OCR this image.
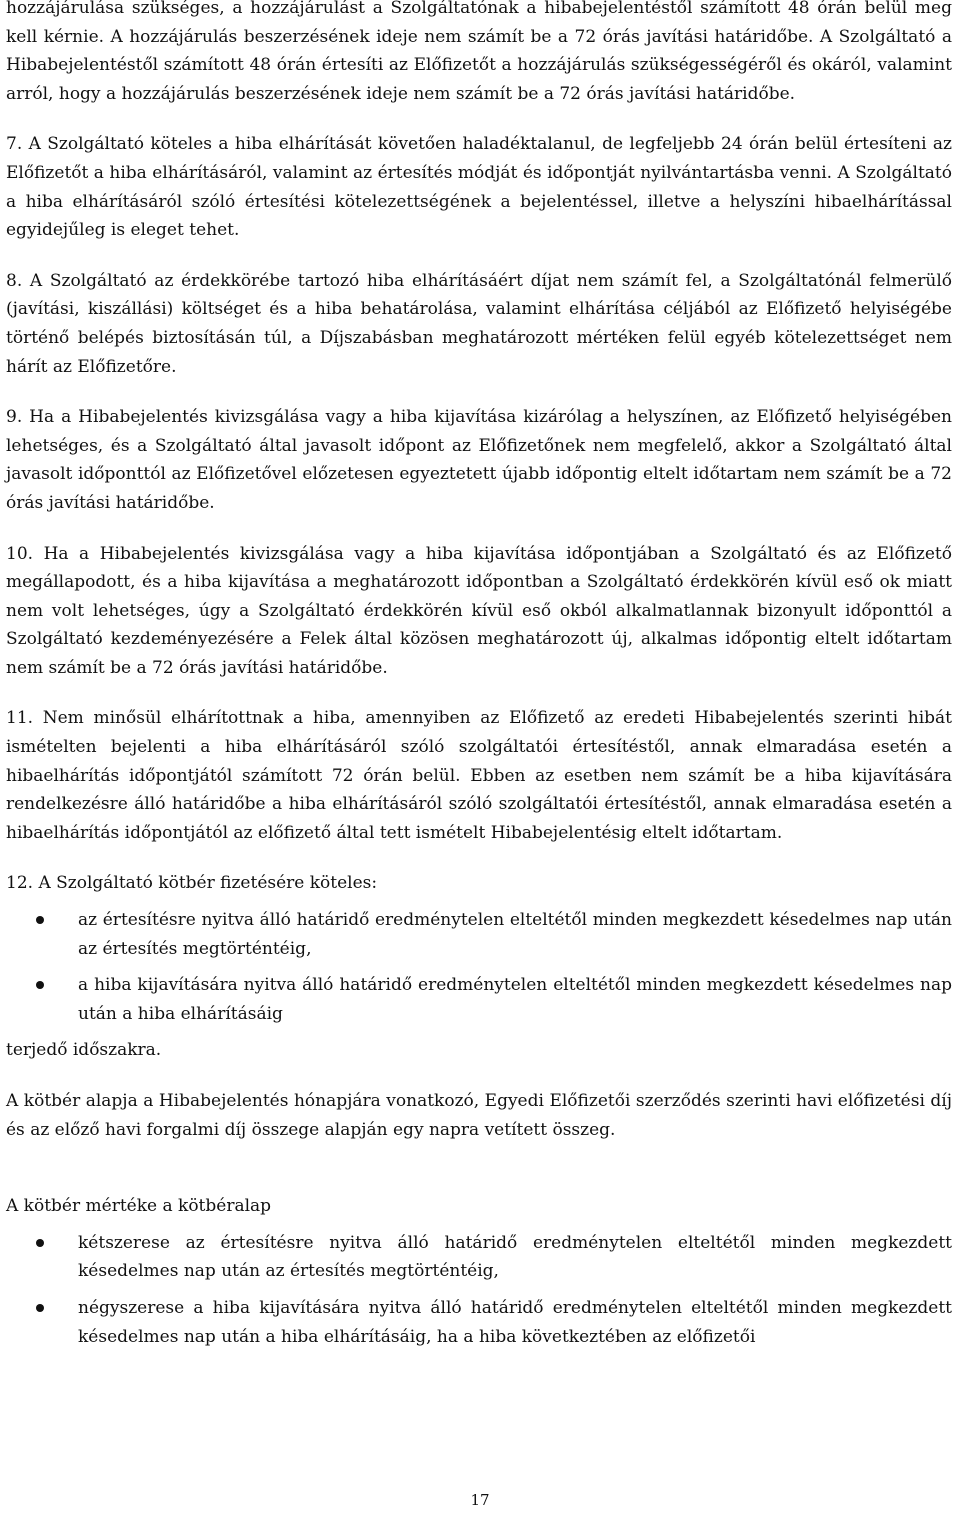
hozzájárulása szükséges, a hozzájárulást a Szolgáltatónak a hibabejelentéstől számított 48 órán belül meg kell kérnie. A hozzájárulás beszerzésének ideje nem számít be a 72 órás javítási határidőbe. A Szolgáltató a Hibabejelentéstől számított 48 órán értesíti az Előfizetőt a hozzájárulás szükségességéről és okáról, valamint arról, hogy a hozzájárulás beszerzésének ideje nem számít be a 72 órás javítási határidőbe.

7. A Szolgáltató köteles a hiba elhárítását követően haladéktalanul, de legfeljebb 24 órán belül értesíteni az Előfizetőt a hiba elhárításáról, valamint az értesítés módját és időpontját nyilvántartásba venni. A Szolgáltató a hiba elhárításáról szóló értesítési kötelezettségének a bejelentéssel, illetve a helyszíni hibaelhárítással egyidejűleg is eleget tehet.

8. A Szolgáltató az érdekkörébe tartozó hiba elhárításáért díjat nem számít fel, a Szolgáltatónál felmerülő (javítási, kiszállási) költséget és a hiba behatárolása, valamint elhárítása céljából az Előfizető helyiségébe történő belépés biztosításán túl, a Díjszabásban meghatározott mértéken felül egyéb kötelezettséget nem hárít az Előfizetőre.

9. Ha a Hibabejelentés kivizsgálása vagy a hiba kijavítása kizárólag a helyszínen, az Előfizető helyiségében lehetséges, és a Szolgáltató által javasolt időpont az Előfizetőnek nem megfelelő, akkor a Szolgáltató által javasolt időponttól az Előfizetővel előzetesen egyeztetett újabb időpontig eltelt időtartam nem számít be a 72 órás javítási határidőbe.

10. Ha a Hibabejelentés kivizsgálása vagy a hiba kijavítása időpontjában a Szolgáltató és az Előfizető megállapodott, és a hiba kijavítása a meghatározott időpontban a Szolgáltató érdekkörén kívül eső ok miatt nem volt lehetséges, úgy a Szolgáltató érdekkörén kívül eső okból alkalmatlannak bizonyult időponttól a Szolgáltató kezdeményezésére a Felek által közösen meghatározott új, alkalmas időpontig eltelt időtartam nem számít be a 72 órás javítási határidőbe.

11. Nem minősül elhárítottnak a hiba, amennyiben az Előfizető az eredeti Hibabejelentés szerinti hibát ismételten bejelenti a hiba elhárításáról szóló szolgáltatói értesítéstől, annak elmaradása esetén a hibaelhárítás időpontjától számított 72 órán belül. Ebben az esetben nem számít be a hiba kijavítására rendelkezésre álló határidőbe a hiba elhárításáról szóló szolgáltatói értesítéstől, annak elmaradása esetén a hibaelhárítás időpontjától az előfizető által tett ismételt Hibabejelentésig eltelt időtartam.

12. A Szolgáltató kötbér fizetésére köteles:

az értesítésre nyitva álló határidő eredménytelen elteltétől minden megkezdett késedelmes nap után az értesítés megtörténtéig,
a hiba kijavítására nyitva álló határidő eredménytelen elteltétől minden megkezdett késedelmes nap után a hiba elhárításáig

terjedő időszakra.

A kötbér alapja a Hibabejelentés hónapjára vonatkozó, Egyedi Előfizetői szerződés szerinti havi előfizetési díj és az előző havi forgalmi díj összege alapján egy napra vetített összeg.

A kötbér mértéke a kötbéralap

kétszerese az értesítésre nyitva álló határidő eredménytelen elteltétől minden megkezdett késedelmes nap után az értesítés megtörténtéig,
négyszerese a hiba kijavítására nyitva álló határidő eredménytelen elteltétől minden megkezdett késedelmes nap után a hiba elhárításáig, ha a hiba következtében az előfizetői
17
